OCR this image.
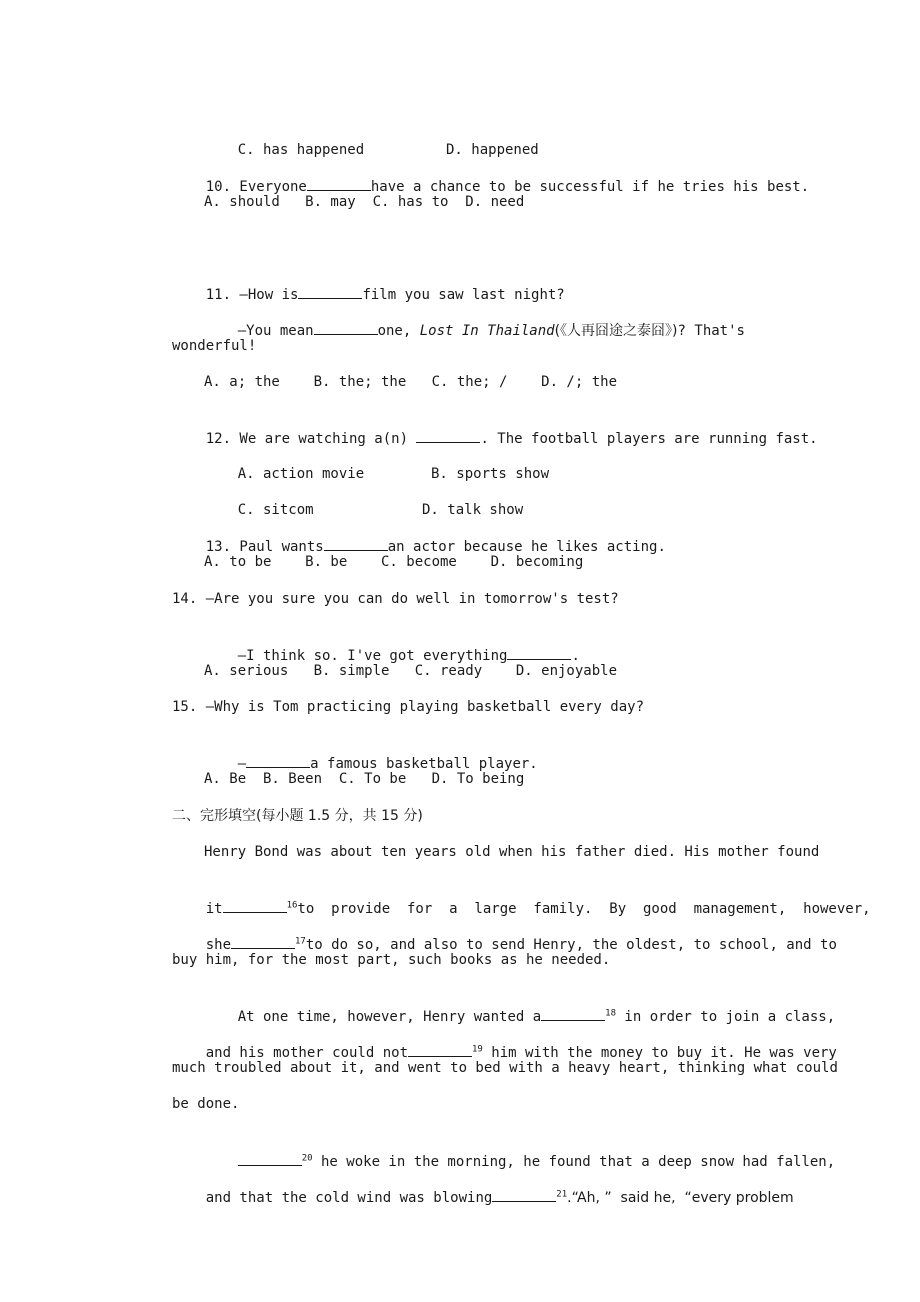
C. has happened	D. happened

10. Everyone	have a chance to be successful if he tries his best.

A. should   B. may  C. has to  D. need

11. —How is	film you saw last night?

—You mean	one, Lost In Thailand(《人再囧途之泰囧》)? That's

wonderful!
A. a; the    B. the; the   C. the; /    D. /; the

12. We are watching a(n)	. The football players are running fast.

A. action movie	B. sports show

C. sitcom	D. talk show

13. Paul wants	an actor because he likes acting.

A. to be    B. be    C. become    D. becoming
14. —Are you sure you can do well in tomorrow's test?

—I think so. I've got everything	.

A. serious   B. simple   C. ready    D. enjoyable
15. —Why is Tom practicing playing basketball every day?

—	a famous basketball player.

A. Be  B. Been  C. To be   D. To being
二、完形填空(每小题 1.5 分，共 15 分)
Henry Bond was about ten years old when his father died. His mother found

it	$^{16}$to  provide  for  a  large  family.  By  good  management,  however,

she	$^{17}$to do so, and also to send Henry, the oldest, to school, and to

buy him, for the most part, such books as he needed.

At one time, however, Henry wanted a	$^{18}$ in order to join a class,

and his mother could not	$^{19}$ him with the money to buy it. He was very

much troubled about it, and went to bed with a heavy heart, thinking what could
be done.

$^{20}$ he woke in the morning, he found that a deep snow had fallen,

and that the cold wind was blowing	$^{21}$.“Ah, ”  said he,  “every problem
